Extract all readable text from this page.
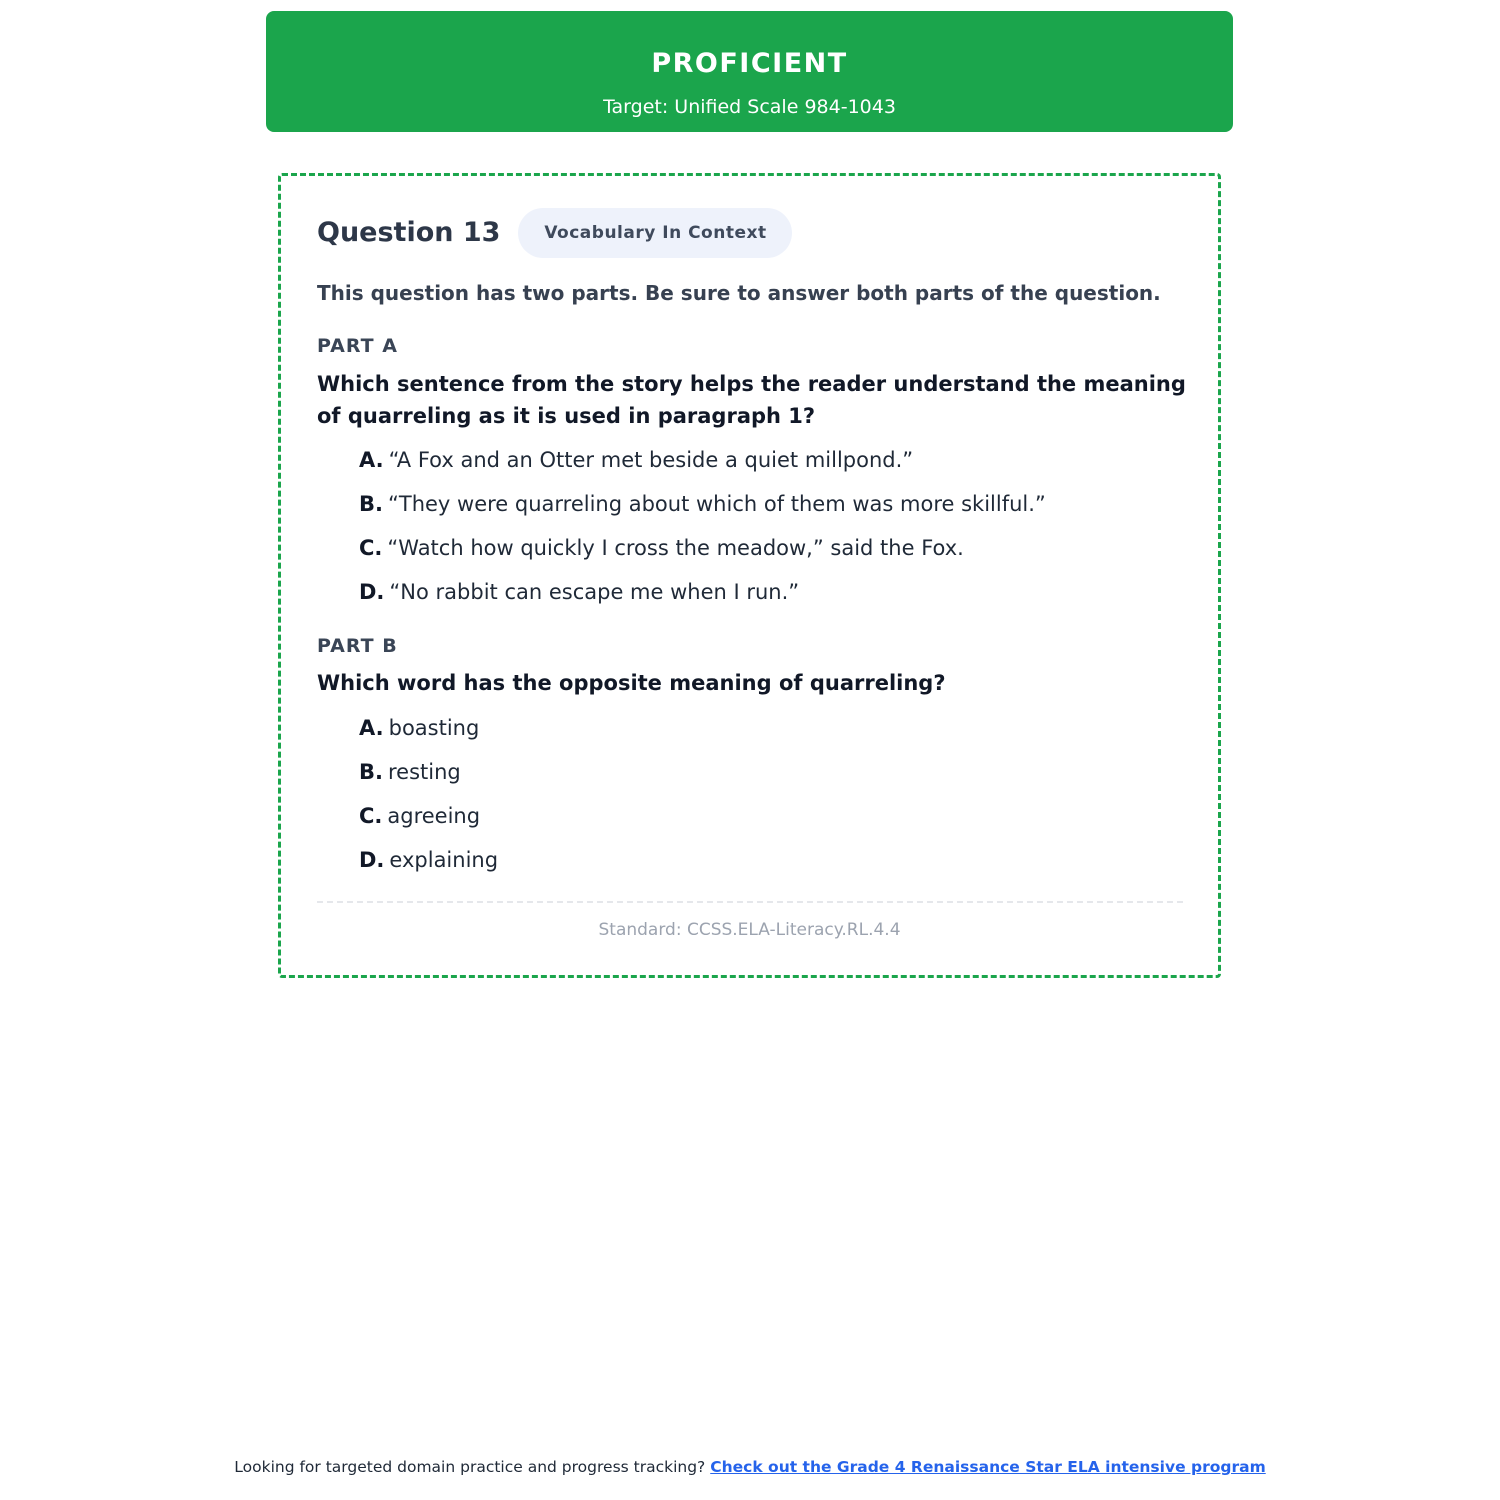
PROFICIENT
Target: Unified Scale 984-1043
Question 13	Vocabulary In Context
This question has two parts. Be sure to answer both parts of the question.
PART A
Which sentence from the story helps the reader understand the meaning of quarreling as it is used in paragraph 1?
A. “A Fox and an Otter met beside a quiet millpond.”
B. “They were quarreling about which of them was more skillful.”
C. “Watch how quickly I cross the meadow,” said the Fox.
D. “No rabbit can escape me when I run.”
PART B
Which word has the opposite meaning of quarreling?
A. boasting
B. resting
C. agreeing
D. explaining
Standard: CCSS.ELA-Literacy.RL.4.4
Looking for targeted domain practice and progress tracking? Check out the Grade 4 Renaissance Star ELA intensive program
